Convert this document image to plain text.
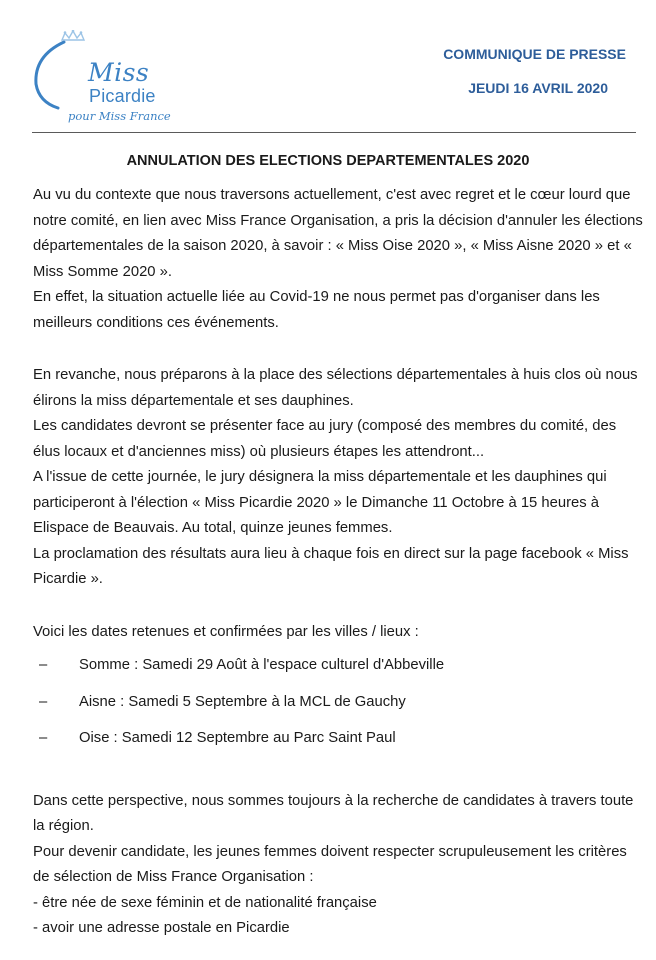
Miss
Picardie
pour Miss France
COMMUNIQUE DE PRESSE
JEUDI 16 AVRIL 2020
ANNULATION DES ELECTIONS DEPARTEMENTALES 2020

Au vu du contexte que nous traversons actuellement, c'est avec regret et le cœur lourd que notre comité, en lien avec Miss France Organisation, a pris la décision d'annuler les élections départementales de la saison 2020, à savoir : « Miss Oise 2020 », « Miss Aisne 2020 » et « Miss Somme 2020 ».

En effet, la situation actuelle liée au Covid-19 ne nous permet pas d'organiser dans les meilleurs conditions ces événements.

En revanche, nous préparons à la place des sélections départementales à huis clos où nous élirons la miss départementale et ses dauphines.

Les candidates devront se présenter face au jury (composé des membres du comité, des élus locaux et d'anciennes miss) où plusieurs étapes les attendront...

A l'issue de cette journée, le jury désignera la miss départementale et les dauphines qui participeront à l'élection « Miss Picardie 2020 » le Dimanche 11 Octobre à 15 heures à Elispace de Beauvais. Au total, quinze jeunes femmes.

La proclamation des résultats aura lieu à chaque fois en direct sur la page facebook « Miss Picardie ».

Voici les dates retenues et confirmées par les villes / lieux :

– Somme : Samedi 29 Août à l'espace culturel d'Abbeville
– Aisne : Samedi 5 Septembre à la MCL de Gauchy
– Oise : Samedi 12 Septembre au Parc Saint Paul

Dans cette perspective, nous sommes toujours à la recherche de candidates à travers toute la région.

Pour devenir candidate, les jeunes femmes doivent respecter scrupuleusement les critères de sélection de Miss France Organisation :

- être née de sexe féminin et de nationalité française

- avoir une adresse postale en Picardie
